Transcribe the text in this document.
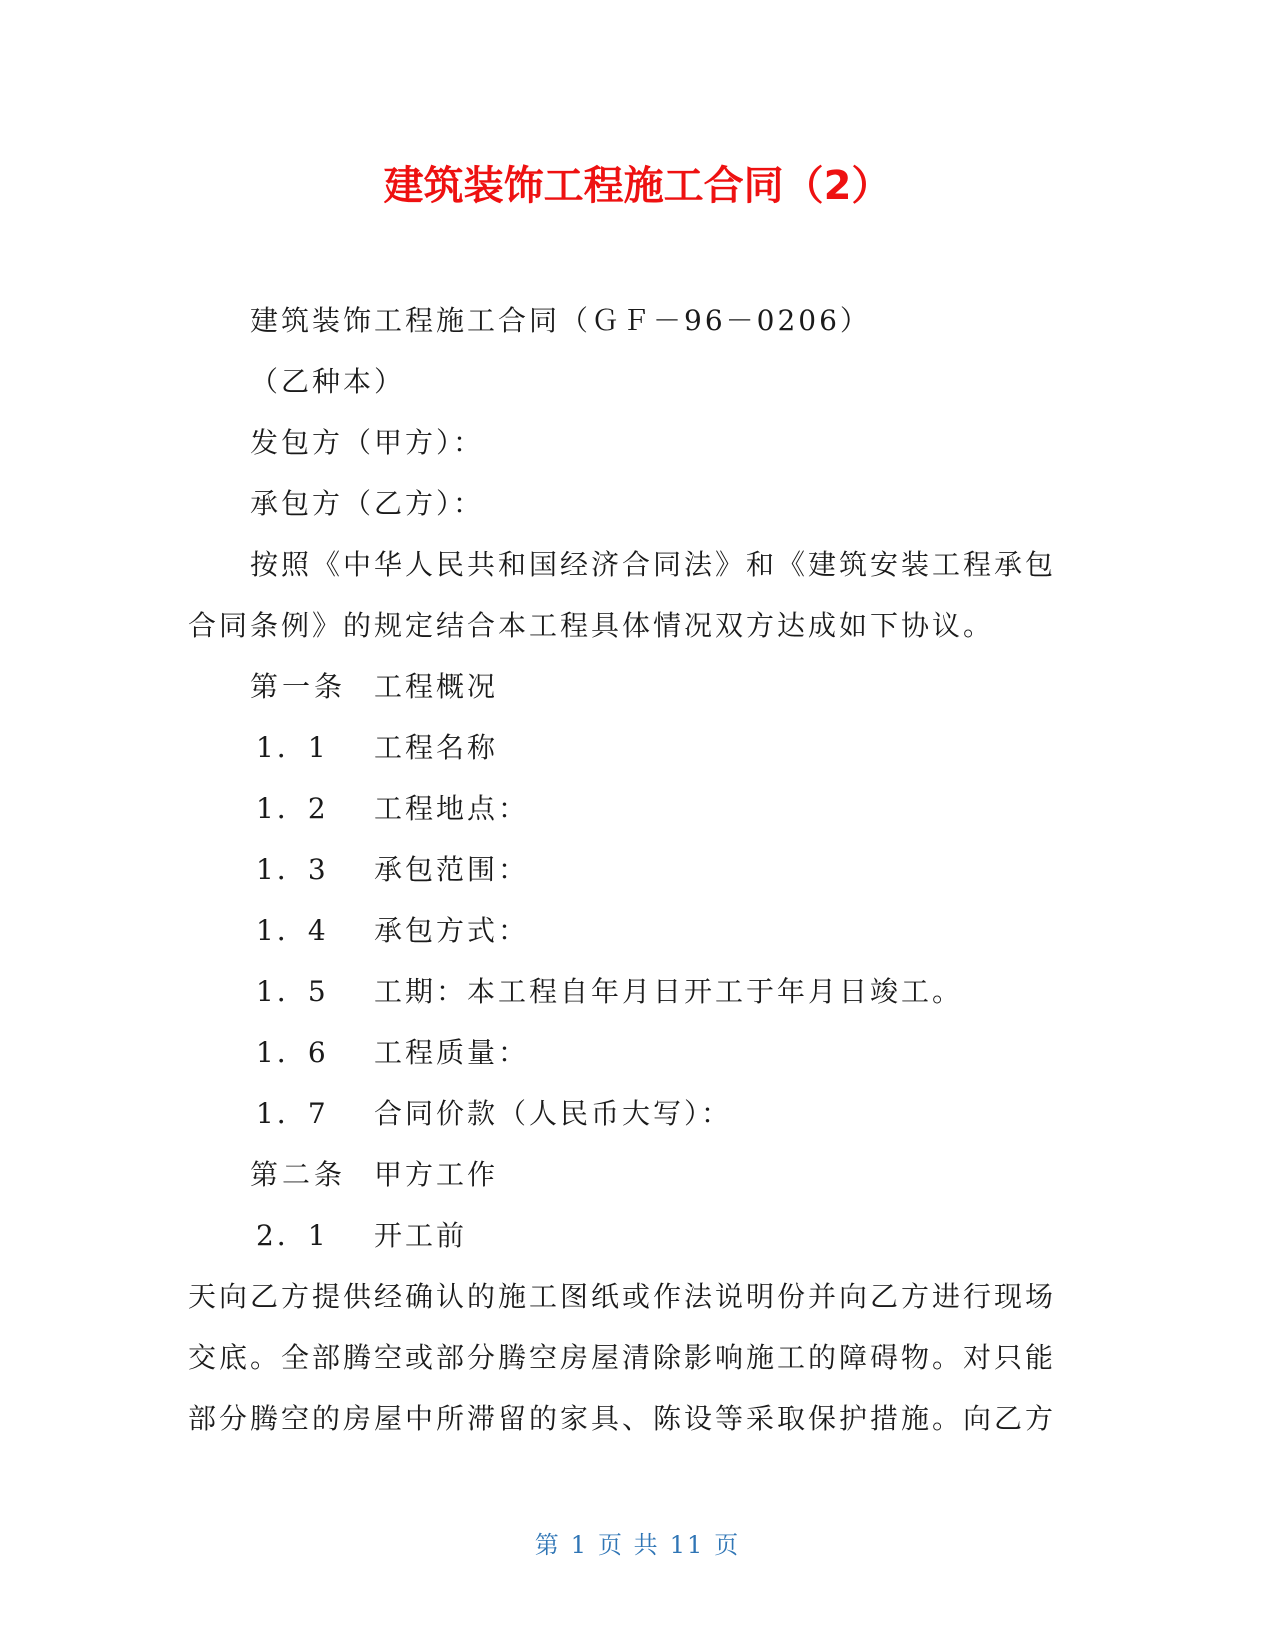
建筑装饰工程施工合同（2）

建筑装饰工程施工合同（ＧＦ－96－0206）

（乙种本）

发包方（甲方）：

承包方（乙方）：

按照《中华人民共和国经济合同法》和《建筑安装工程承包

合同条例》的规定结合本工程具体情况双方达成如下协议。

第一条 工程概况

1．1 工程名称

1．2 工程地点：

1．3 承包范围：

1．4 承包方式：

1．5 工期：本工程自年月日开工于年月日竣工。

1．6 工程质量：

1．7 合同价款（人民币大写）：

第二条 甲方工作

2．1 开工前

天向乙方提供经确认的施工图纸或作法说明份并向乙方进行现场

交底。全部腾空或部分腾空房屋清除影响施工的障碍物。对只能

部分腾空的房屋中所滞留的家具、陈设等采取保护措施。向乙方

第 1 页 共 11 页
